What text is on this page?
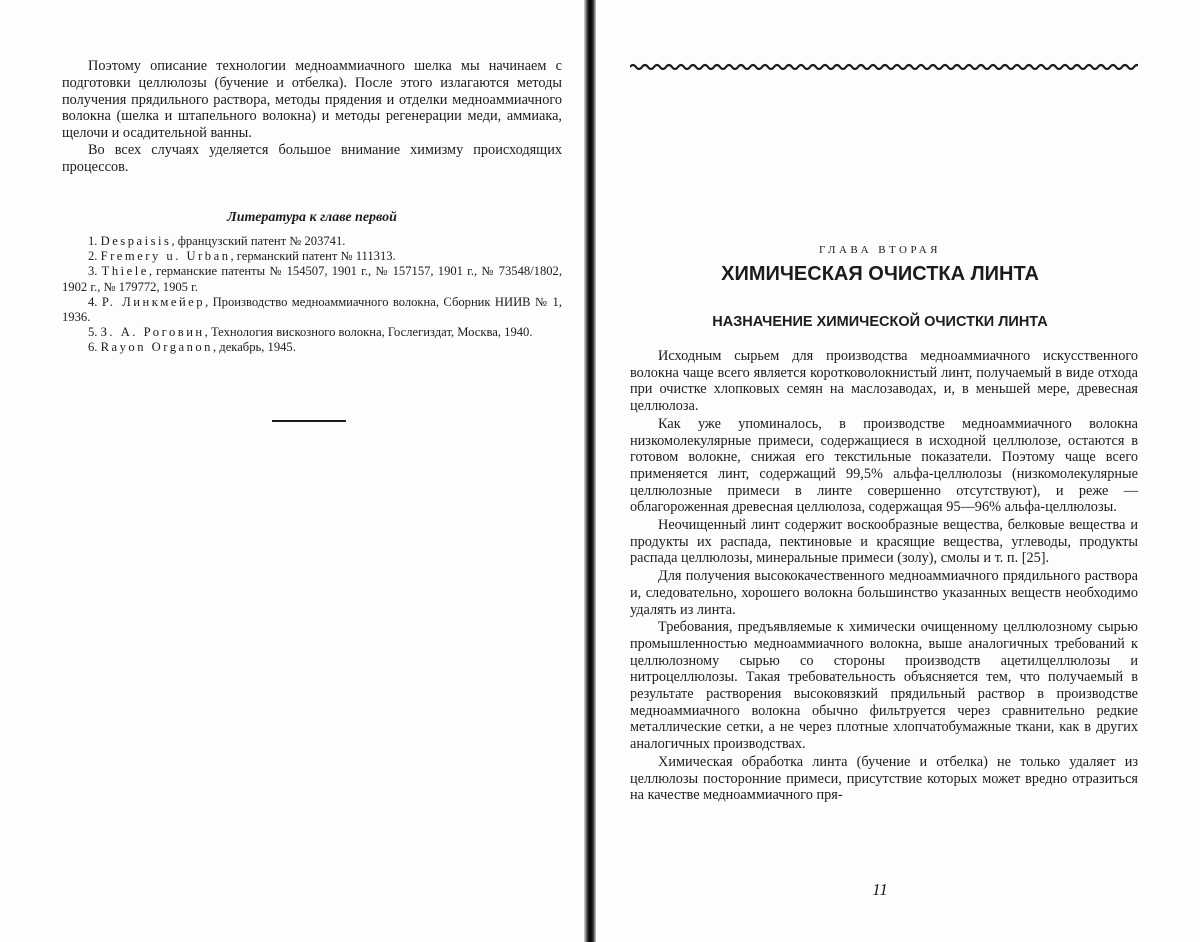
Поэтому описание технологии медноаммиачного шелка мы начинаем с подготовки целлюлозы (бучение и отбелка). После этого излагаются методы получения прядильного раствора, методы прядения и отделки медноаммиачного волокна (шелка и штапельного волокна) и методы регенерации меди, аммиака, щелочи и осадительной ванны.

Во всех случаях уделяется большое внимание химизму происходящих процессов.

Литература к главе первой
1. Despaisis, французский патент № 203741.
2. Fremery u. Urban, германский патент № 111313.
3. Thiele, германские патенты № 154507, 1901 г., № 157157, 1901 г., № 73548/1802, 1902 г., № 179772, 1905 г.
4. Р. Линкмейер, Производство медноаммиачного волокна, Сборник НИИВ № 1, 1936.
5. З. А. Роговин, Технология вискозного волокна, Гослегиздат, Москва, 1940.
6. Rayon Organon, декабрь, 1945.
ГЛАВА ВТОРАЯ
ХИМИЧЕСКАЯ ОЧИСТКА ЛИНТА
НАЗНАЧЕНИЕ ХИМИЧЕСКОЙ ОЧИСТКИ ЛИНТА

Исходным сырьем для производства медноаммиачного искусственного волокна чаще всего является коротковолокнистый линт, получаемый в виде отхода при очистке хлопковых семян на маслозаводах, и, в меньшей мере, древесная целлюлоза.

Как уже упоминалось, в производстве медноаммиачного волокна низкомолекулярные примеси, содержащиеся в исходной целлюлозе, остаются в готовом волокне, снижая его текстильные показатели. Поэтому чаще всего применяется линт, содержащий 99,5% альфа-целлюлозы (низкомолекулярные целлюлозные примеси в линте совершенно отсутствуют), и реже — облагороженная древесная целлюлоза, содержащая 95—96% альфа-целлюлозы.

Неочищенный линт содержит воскообразные вещества, белковые вещества и продукты их распада, пектиновые и красящие вещества, углеводы, продукты распада целлюлозы, минеральные примеси (золу), смолы и т. п. [25].

Для получения высококачественного медноаммиачного прядильного раствора и, следовательно, хорошего волокна большинство указанных веществ необходимо удалять из линта.

Требования, предъявляемые к химически очищенному целлюлозному сырью промышленностью медноаммиачного волокна, выше аналогичных требований к целлюлозному сырью со стороны производств ацетилцеллюлозы и нитроцеллюлозы. Такая требовательность объясняется тем, что получаемый в результате растворения высоковязкий прядильный раствор в производстве медноаммиачного волокна обычно фильтруется через сравнительно редкие металлические сетки, а не через плотные хлопчатобумажные ткани, как в других аналогичных производствах.

Химическая обработка линта (бучение и отбелка) не только удаляет из целлюлозы посторонние примеси, присутствие которых может вредно отразиться на качестве медноаммиачного пря-

11
